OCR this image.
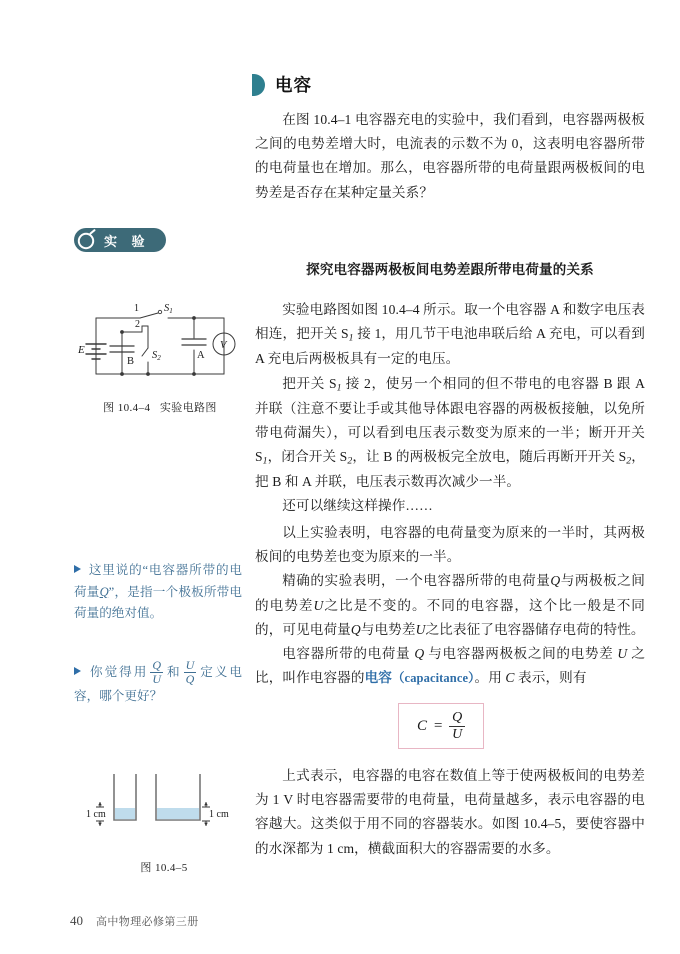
电容

在图 10.4–1 电容器充电的实验中，我们看到，电容器两极板之间的电势差增大时，电流表的示数不为 0，这表明电容器所带的电荷量也在增加。那么，电容器所带的电荷量跟两极板间的电势差是否存在某种定量关系？

实 验
探究电容器两极板间电势差跟所带电荷量的关系

实验电路图如图 10.4–4 所示。取一个电容器 A 和数字电压表相连，把开关 $S_1$ 接 1，用几节干电池串联后给 A 充电，可以看到 A 充电后两极板具有一定的电压。

把开关 $S_1$ 接 2，使另一个相同的但不带电的电容器 B 跟 A 并联（注意不要让手或其他导体跟电容器的两极板接触，以免所带电荷漏失），可以看到电压表示数变为原来的一半；断开开关 $S_1$，闭合开关 $S_2$，让 B 的两极板完全放电，随后再断开开关 $S_2$，把 B 和 A 并联，电压表示数再次减少一半。

还可以继续这样操作……

E
1
2
S1
S2
B
A
V
图 10.4–4 实验电路图

以上实验表明，电容器的电荷量变为原来的一半时，其两极板间的电势差也变为原来的一半。

精确的实验表明，一个电容器所带的电荷量Q与两极板之间的电势差U之比是不变的。不同的电容器，这个比一般是不同的，可见电荷量Q与电势差U之比表征了电容器储存电荷的特性。

电容器所带的电荷量 Q 与电容器两极板之间的电势差 U 之比，叫作电容器的电容（capacitance）。用 C 表示，则有

$C = \frac{Q}{U}$

上式表示，电容器的电容在数值上等于使两极板间的电势差为 1 V 时电容器需要带的电荷量，电荷量越多，表示电容器的电容越大。这类似于用不同的容器装水。如图 10.4–5，要使容器中的水深都为 1 cm，横截面积大的容器需要的水多。

这里说的“电容器所带的电荷量Q”，是指一个极板所带电荷量的绝对值。
你觉得用 $\frac{Q}{U}$ 和 $\frac{U}{Q}$ 定义电容，哪个更好？
1 cm	1 cm
图 10.4–5
40 高中物理必修第三册
